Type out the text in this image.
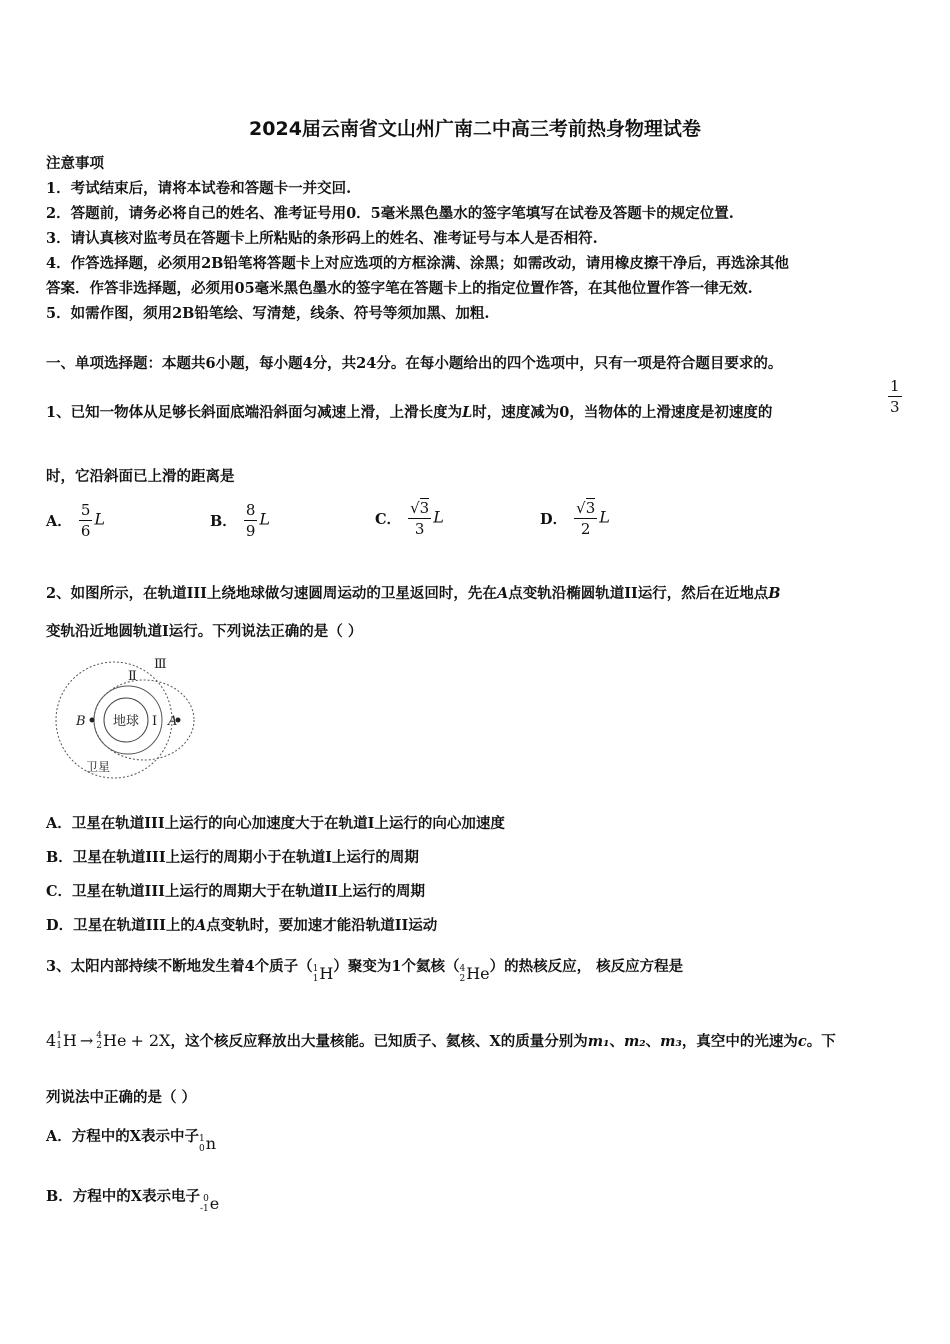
2024届云南省文山州广南二中高三考前热身物理试卷
注意事项
1．考试结束后，请将本试卷和答题卡一并交回.
2．答题前，请务必将自己的姓名、准考证号用0．5毫米黑色墨水的签字笔填写在试卷及答题卡的规定位置.
3．请认真核对监考员在答题卡上所粘贴的条形码上的姓名、准考证号与本人是否相符.
4．作答选择题，必须用2B铅笔将答题卡上对应选项的方框涂满、涂黑；如需改动，请用橡皮擦干净后，再选涂其他
答案．作答非选择题，必须用05毫米黑色墨水的签字笔在答题卡上的指定位置作答，在其他位置作答一律无效.
5．如需作图，须用2B铅笔绘、写清楚，线条、符号等须加黑、加粗.
一、单项选择题：本题共6小题，每小题4分，共24分。在每小题给出的四个选项中，只有一项是符合题目要求的。
1、已知一物体从足够长斜面底端沿斜面匀减速上滑，上滑长度为L时，速度减为0，当物体的上滑速度是初速度的	$\frac{1}{3}$
时，它沿斜面已上滑的距离是
A． $\frac{5}{6}$ L	B． $\frac{8}{9}$ L	C． $\frac{√3}{3}$ L	D． $\frac{√3}{2}$ L
2、如图所示，在轨道III上绕地球做匀速圆周运动的卫星返回时，先在A点变轨沿椭圆轨道II运行，然后在近地点B
变轨沿近地圆轨道I运行。下列说法正确的是（ ）
地球
B	A
I
Ⅱ
Ⅲ
卫星
A．卫星在轨道III上运行的向心加速度大于在轨道I上运行的向心加速度
B．卫星在轨道III上运行的周期小于在轨道I上运行的周期
C．卫星在轨道III上运行的周期大于在轨道II上运行的周期
D．卫星在轨道III上的A点变轨时，要加速才能沿轨道II运动
3、太阳内部持续不断地发生着4个质子（ 1
1 H ）聚变为1个氦核（ 4
2 He ）的热核反应， 核反应方程是
4 1
1 H → 4
2 He + 2X ，这个核反应释放出大量核能。已知质子、氦核、X的质量分别为m₁、m₂、m₃，真空中的光速为c。下
列说法中正确的是（ ）
A．方程中的X表示中子 1
0 n
B．方程中的X表示电子 0
-1 e
